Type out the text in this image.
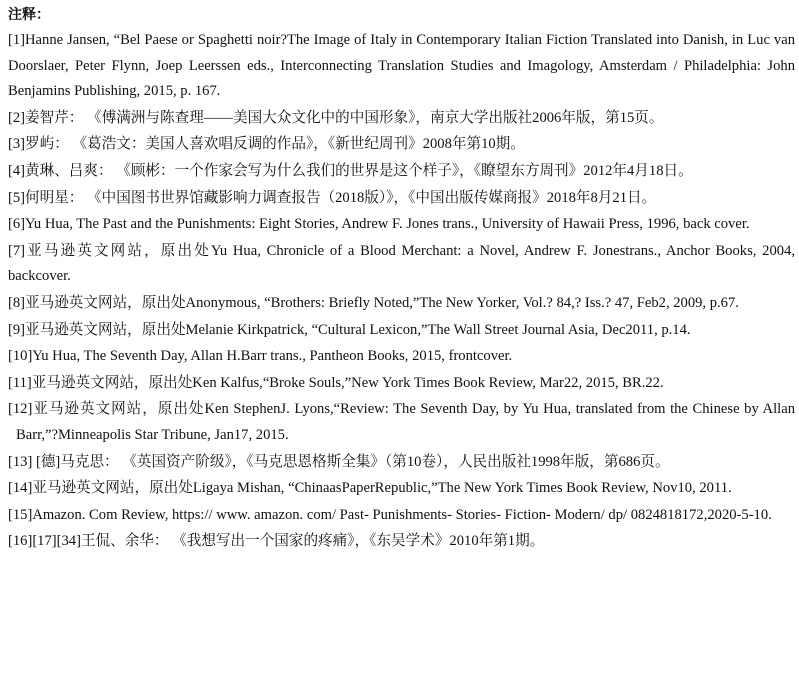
注释：

[1]Hanne Jansen, “Bel Paese or Spaghetti noir?The Image of Italy in Contemporary Italian Fiction Translated into Danish, in Luc van Doorslaer, Peter Flynn, Joep Leerssen eds., Interconnecting Translation Studies and Imagology, Amsterdam / Philadelphia: John Benjamins Publishing, 2015, p. 167.

[2]姜智芹： 《傅满洲与陈查理——美国大众文化中的中国形象》，南京大学出版社2006年版，第15页。

[3]罗屿： 《葛浩文：美国人喜欢唱反调的作品》，《新世纪周刊》2008年第10期。

[4]黄琳、吕爽： 《顾彬：一个作家会写为什么我们的世界是这个样子》，《瞭望东方周刊》2012年4月18日。

[5]何明星： 《中国图书世界馆藏影响力调查报告（2018版）》，《中国出版传媒商报》2018年8月21日。

[6]Yu Hua, The Past and the Punishments: Eight Stories, Andrew F. Jones trans., University of Hawaii Press, 1996, back cover.

[7]亚马逊英文网站，原出处Yu Hua, Chronicle of a Blood Merchant: a Novel, Andrew F. Jonestrans., Anchor Books, 2004, backcover.

[8]亚马逊英文网站，原出处Anonymous, “Brothers: Briefly Noted,”The New Yorker, Vol.? 84,? Iss.? 47, Feb2, 2009, p.67.

[9]亚马逊英文网站，原出处Melanie Kirkpatrick, “Cultural Lexicon,”The Wall Street Journal Asia, Dec2011, p.14.

[10]Yu Hua, The Seventh Day, Allan H.Barr trans., Pantheon Books, 2015, frontcover.

[11]亚马逊英文网站，原出处Ken Kalfus,“Broke Souls,”New York Times Book Review, Mar22, 2015, BR.22.

[12]亚马逊英文网站，原出处Ken StephenJ. Lyons,“Review: The Seventh Day, by Yu Hua, translated from the Chinese by Allan Barr,”?Minneapolis Star Tribune, Jan17, 2015.

[13] [德]马克思： 《英国资产阶级》，《马克思恩格斯全集》（第10卷），人民出版社1998年版，第686页。

[14]亚马逊英文网站，原出处Ligaya Mishan, “ChinaasPaperRepublic,”The New York Times Book Review, Nov10, 2011.

[15]Amazon. Com Review, https:// www. amazon. com/ Past- Punishments- Stories- Fiction- Modern/ dp/ 0824818172,2020-5-10.

[16][17][34]王侃、余华： 《我想写出一个国家的疼痛》，《东吴学术》2010年第1期。
